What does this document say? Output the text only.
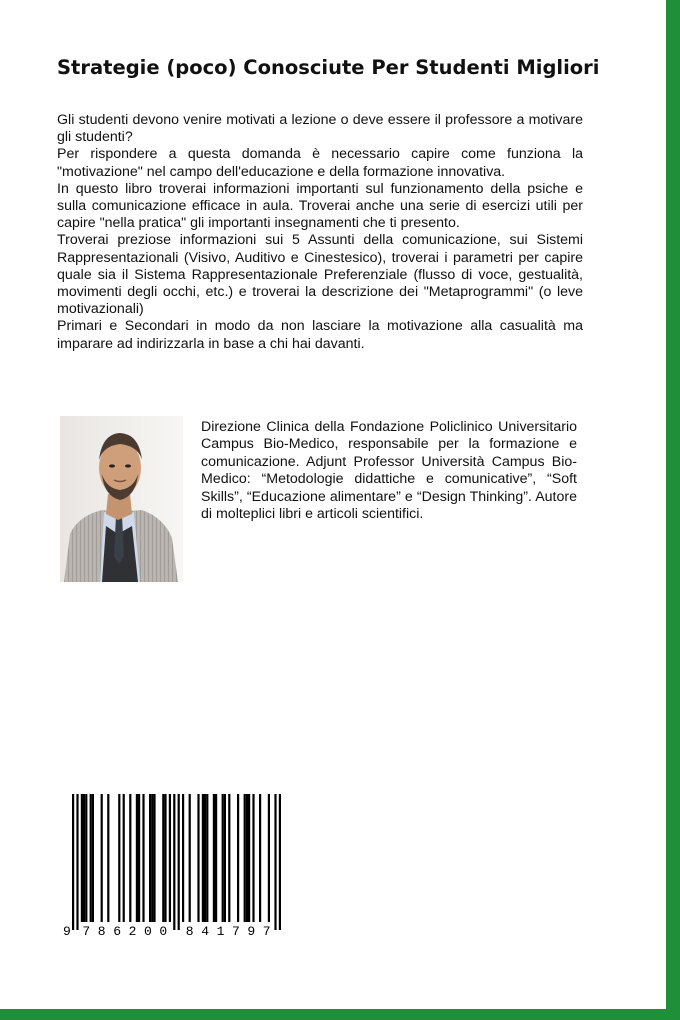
Strategie (poco) Conosciute Per Studenti Migliori

Gli studenti devono venire motivati a lezione o deve essere il professore a motivare gli studenti?

Per rispondere a questa domanda è necessario capire come funziona la "motivazione" nel campo dell'educazione e della formazione innovativa.

In questo libro troverai informazioni importanti sul funzionamento della psiche e sulla comunicazione efficace in aula. Troverai anche una serie di esercizi utili per capire "nella pratica" gli importanti insegnamenti che ti presento.

Troverai preziose informazioni sui 5 Assunti della comunicazione, sui Sistemi Rappresentazionali (Visivo, Auditivo e Cinestesico), troverai i parametri per capire quale sia il Sistema Rappresentazionale Preferenziale (flusso di voce, gestualità, movimenti degli occhi, etc.) e troverai la descrizione dei "Metaprogrammi" (o leve motivazionali)

Primari e Secondari in modo da non lasciare la motivazione alla casualità ma imparare ad indirizzarla in base a chi hai davanti.

Direzione Clinica della Fondazione Policlinico Universitario Campus Bio-Medico, responsabile per la formazione e comunicazione. Adjunt Professor Università Campus Bio-Medico: “Metodologie didattiche e comunicative”, “Soft Skills”, “Educazione alimentare” e “Design Thinking”. Autore di molteplici libri e articoli scientifici.
9 7 8 6 2 0 0 8 4 1 7 9 7
